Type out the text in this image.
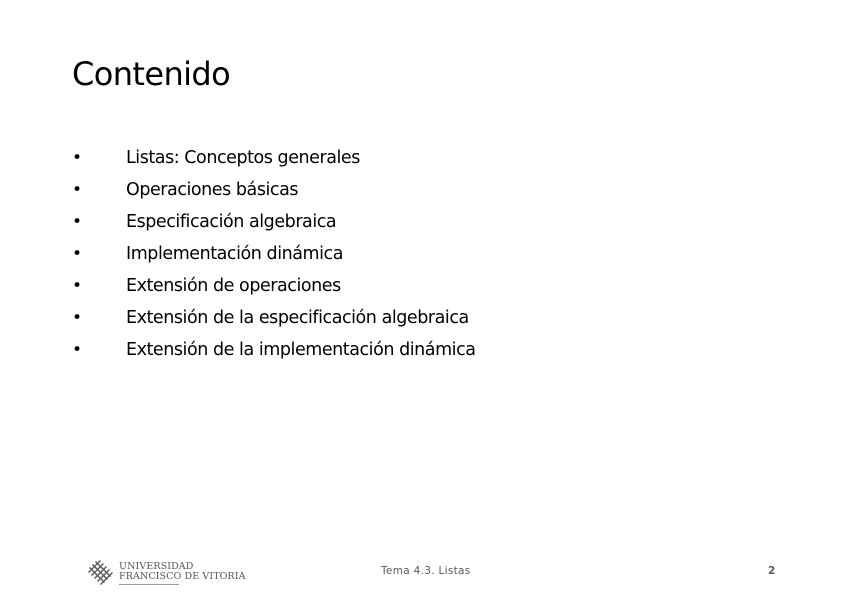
Contenido
•	Listas: Conceptos generales
•	Operaciones básicas
•	Especificación algebraica
•	Implementación dinámica
•	Extensión de operaciones
•	Extensión de la especificación algebraica
•	Extensión de la implementación dinámica
UNIVERSIDAD
FRANCISCO DE VITORIA	Tema 4.3. Listas	2
